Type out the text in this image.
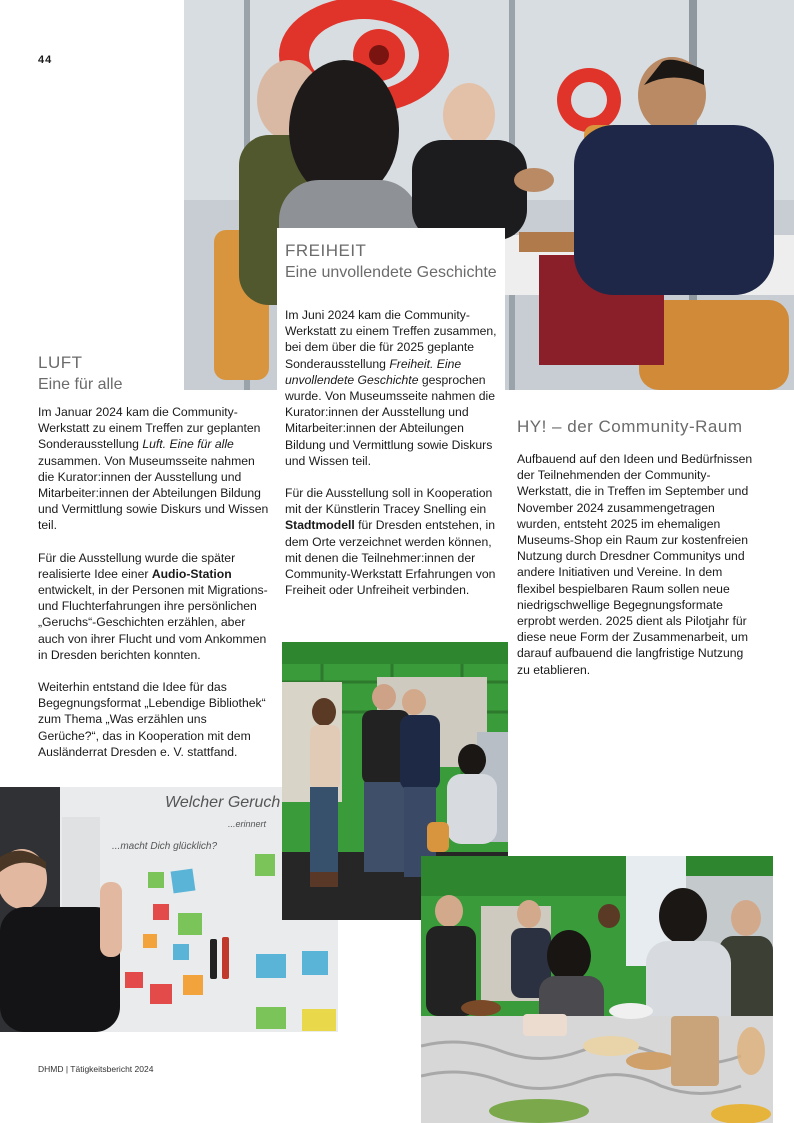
44
LUFT
Eine für alle

Im Januar 2024 kam die Community-Werkstatt zu einem Treffen zur geplanten Sonderausstellung Luft. Eine für alle zusammen. Von Museumsseite nahmen die Kurator:innen der Ausstellung und Mitarbeiter:innen der Abteilungen Bildung und Vermittlung sowie Diskurs und Wissen teil.

Für die Ausstellung wurde die später realisierte Idee einer Audio-Station entwickelt, in der Personen mit Migrations- und Fluchterfahrungen ihre persönlichen „Geruchs“-Geschichten erzählen, aber auch von ihrer Flucht und vom Ankommen in Dresden berichten konnten.

Weiterhin entstand die Idee für das Begegnungsformat „Lebendige Bibliothek“ zum Thema „Was erzählen uns Gerüche?“, das in Kooperation mit dem Ausländerrat Dresden e. V. stattfand.

FREIHEIT
Eine unvollendete Geschichte

Im Juni 2024 kam die Community-Werkstatt zu einem Treffen zusammen, bei dem über die für 2025 geplante Sonderausstellung Freiheit. Eine unvollendete Geschichte gesprochen wurde. Von Museumsseite nahmen die Kurator:innen der Ausstellung und Mitarbeiter:innen der Abteilungen Bildung und Vermittlung sowie Diskurs und Wissen teil.

Für die Ausstellung soll in Kooperation mit der Künstlerin Tracey Snelling ein Stadtmodell für Dresden entstehen, in dem Orte verzeichnet werden können, mit denen die Teilnehmer:innen der Community-Werkstatt Erfahrungen von Freiheit oder Unfreiheit verbinden.

HY! – der Community-Raum

Aufbauend auf den Ideen und Bedürfnissen der Teilnehmenden der Community-Werkstatt, die in Treffen im September und November 2024 zusammengetragen wurden, entsteht 2025 im ehemaligen Museums-Shop ein Raum zur kostenfreien Nutzung durch Dresdner Communitys und andere Initiativen und Vereine. In dem flexibel bespielbaren Raum sollen neue niedrigschwellige Begegnungsformate erprobt werden. 2025 dient als Pilotjahr für diese neue Form der Zusammenarbeit, um darauf aufbauend die langfristige Nutzung zu etablieren.

Welcher Geruch
...macht Dich glücklich?
...erinnert
DHMD | Tätigkeitsbericht 2024
